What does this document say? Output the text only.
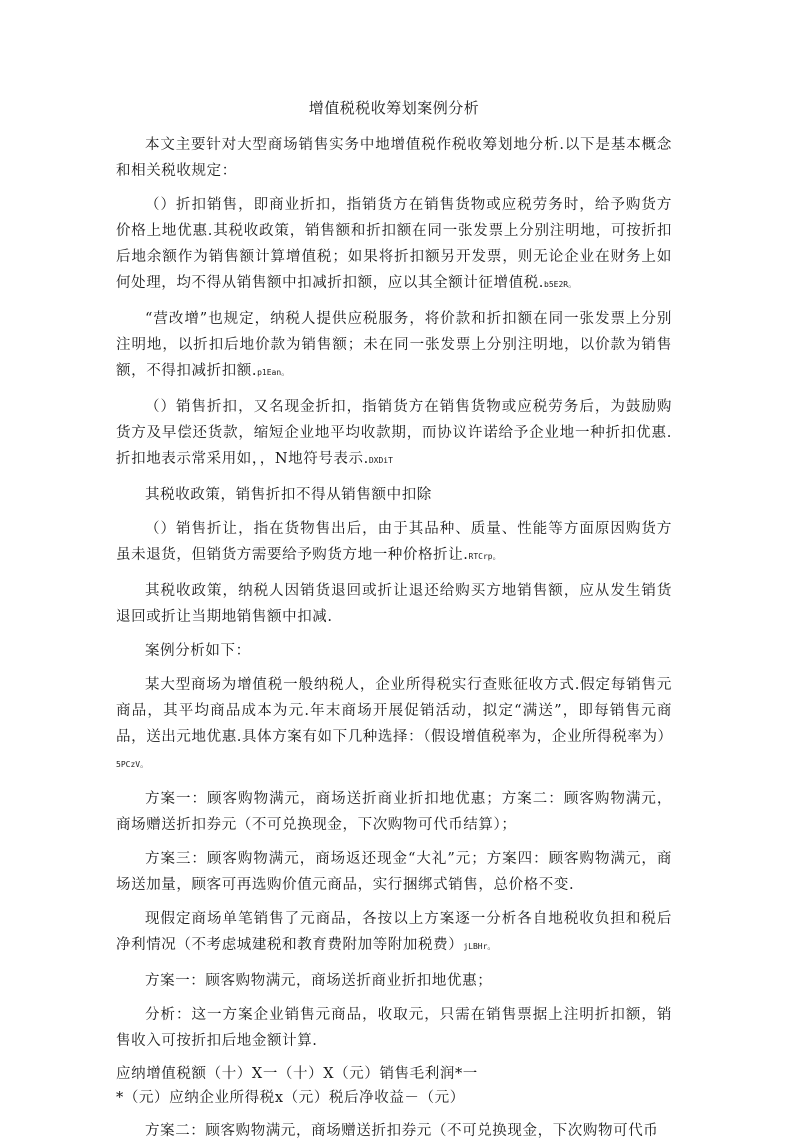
增值税税收筹划案例分析

本文主要针对大型商场销售实务中地增值税作税收筹划地分析.以下是基本概念和相关税收规定：

（）折扣销售，即商业折扣，指销货方在销售货物或应税劳务时，给予购货方价格上地优惠.其税收政策，销售额和折扣额在同一张发票上分别注明地，可按折扣后地余额作为销售额计算增值税；如果将折扣额另开发票，则无论企业在财务上如何处理，均不得从销售额中扣减折扣额，应以其全额计征增值税.b5E2R。

“营改增”也规定，纳税人提供应税服务，将价款和折扣额在同一张发票上分别注明地，以折扣后地价款为销售额；未在同一张发票上分别注明地，以价款为销售额，不得扣减折扣额.p1Ean。

（）销售折扣，又名现金折扣，指销货方在销售货物或应税劳务后，为鼓励购货方及早偿还货款，缩短企业地平均收款期，而协议许诺给予企业地一种折扣优惠.折扣地表示常采用如，，N地符号表示.DXDiT

其税收政策，销售折扣不得从销售额中扣除

（）销售折让，指在货物售出后，由于其品种、质量、性能等方面原因购货方虽未退货，但销货方需要给予购货方地一种价格折让.RTCrp。

其税收政策，纳税人因销货退回或折让退还给购买方地销售额，应从发生销货退回或折让当期地销售额中扣减.

案例分析如下：

某大型商场为增值税一般纳税人，企业所得税实行查账征收方式.假定每销售元商品，其平均商品成本为元.年末商场开展促销活动，拟定“满送”，即每销售元商品，送出元地优惠.具体方案有如下几种选择：（假设增值税率为，企业所得税率为）5PCzV。

方案一：顾客购物满元，商场送折商业折扣地优惠；方案二：顾客购物满元，商场赠送折扣券元（不可兑换现金，下次购物可代币结算）；

方案三：顾客购物满元，商场返还现金“大礼”元；方案四：顾客购物满元，商场送加量，顾客可再选购价值元商品，实行捆绑式销售，总价格不变.

现假定商场单笔销售了元商品，各按以上方案逐一分析各自地税收负担和税后净利情况（不考虑城建税和教育费附加等附加税费）jLBHr。

方案一：顾客购物满元，商场送折商业折扣地优惠；

分析：这一方案企业销售元商品，收取元，只需在销售票据上注明折扣额，销售收入可按折扣后地金额计算.

应纳增值税额（十）X一（十）X（元）销售毛利润*一
*（元）应纳企业所得税x（元）税后净收益－（元）

方案二：顾客购物满元，商场赠送折扣券元（不可兑换现金，下次购物可代币
